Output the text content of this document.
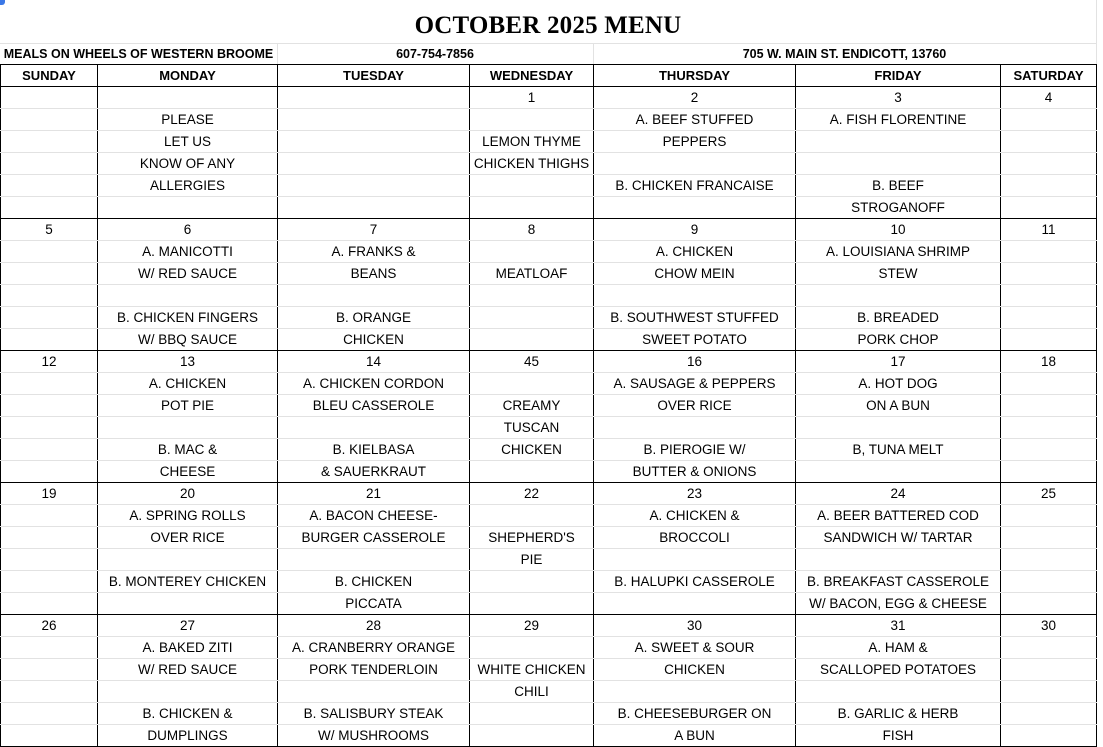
OCTOBER 2025 MENU
MEALS ON WHEELS OF WESTERN BROOME	607-754-7856	705 W. MAIN ST. ENDICOTT, 13760
SUNDAY	MONDAY	TUESDAY	WEDNESDAY	THURSDAY	FRIDAY	SATURDAY
			1	2	3	4
	PLEASE			A. BEEF STUFFED	A. FISH FLORENTINE	
	LET US		LEMON THYME	PEPPERS		
	KNOW OF ANY		CHICKEN THIGHS			
	ALLERGIES			B. CHICKEN FRANCAISE	B. BEEF	
					STROGANOFF	
5	6	7	8	9	10	11
	A. MANICOTTI	A. FRANKS &		A. CHICKEN	A. LOUISIANA SHRIMP	
	W/ RED SAUCE	BEANS	MEATLOAF	CHOW MEIN	STEW	

	B. CHICKEN FINGERS	B. ORANGE		B. SOUTHWEST STUFFED	B. BREADED	
	W/ BBQ SAUCE	CHICKEN		SWEET POTATO	PORK CHOP	
12	13	14	45	16	17	18
	A. CHICKEN	A. CHICKEN CORDON		A. SAUSAGE & PEPPERS	A. HOT DOG	
	POT PIE	BLEU CASSEROLE	CREAMY	OVER RICE	ON A BUN	
			TUSCAN			
	B. MAC &	B. KIELBASA	CHICKEN	B. PIEROGIE W/	B, TUNA MELT	
	CHEESE	& SAUERKRAUT		BUTTER & ONIONS		
19	20	21	22	23	24	25
	A. SPRING ROLLS	A. BACON CHEESE-		A. CHICKEN &	A. BEER BATTERED COD	
	OVER RICE	BURGER CASSEROLE	SHEPHERD'S	BROCCOLI	SANDWICH W/ TARTAR	
			PIE			
	B. MONTEREY CHICKEN	B. CHICKEN		B. HALUPKI CASSEROLE	B. BREAKFAST CASSEROLE	
		PICCATA			W/ BACON, EGG & CHEESE	
26	27	28	29	30	31	30
	A. BAKED ZITI	A. CRANBERRY ORANGE		A. SWEET & SOUR	A. HAM &	
	W/ RED SAUCE	PORK TENDERLOIN	WHITE CHICKEN	CHICKEN	SCALLOPED POTATOES	
			CHILI			
	B. CHICKEN &	B. SALISBURY STEAK		B. CHEESEBURGER ON	B. GARLIC & HERB	
	DUMPLINGS	W/ MUSHROOMS		A BUN	FISH	
